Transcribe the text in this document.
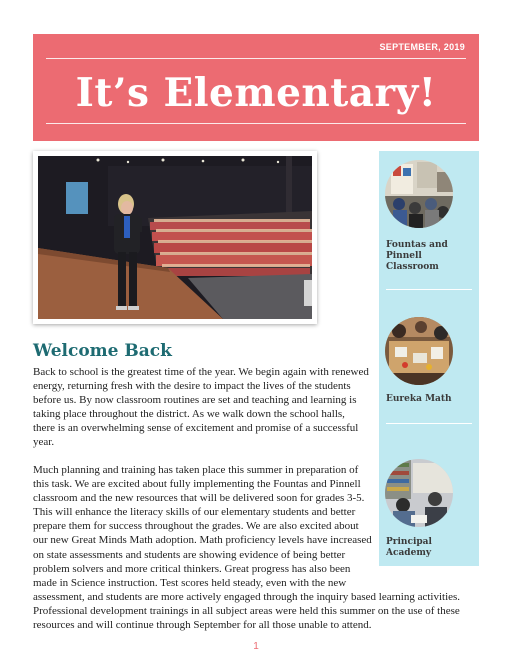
SEPTEMBER, 2019
It’s Elementary!
Fountas and
Pinnell
Classroom
Eureka Math
Principal
Academy
Welcome Back
Back to school is the greatest time of the year. We begin again with renewed
energy, returning fresh with the desire to impact the lives of the students
before us. By now classroom routines are set and teaching and learning is
taking place throughout the district. As we walk down the school halls,
there is an overwhelming sense of excitement and promise of a successful
year.
Much planning and training has taken place this summer in preparation of
this task. We are excited about fully implementing the Fountas and Pinnell
classroom and the new resources that will be delivered soon for grades 3-5.
This will enhance the literacy skills of our elementary students and better
prepare them for success throughout the grades. We are also excited about
our new Great Minds Math adoption. Math proficiency levels have increased
on state assessments and students are showing evidence of being better
problem solvers and more critical thinkers. Great progress has also been
made in Science instruction. Test scores held steady, even with the new
assessment, and students are more actively engaged through the inquiry based learning activities.
Professional development trainings in all subject areas were held this summer on the use of these
resources and will continue through September for all those unable to attend.
1
